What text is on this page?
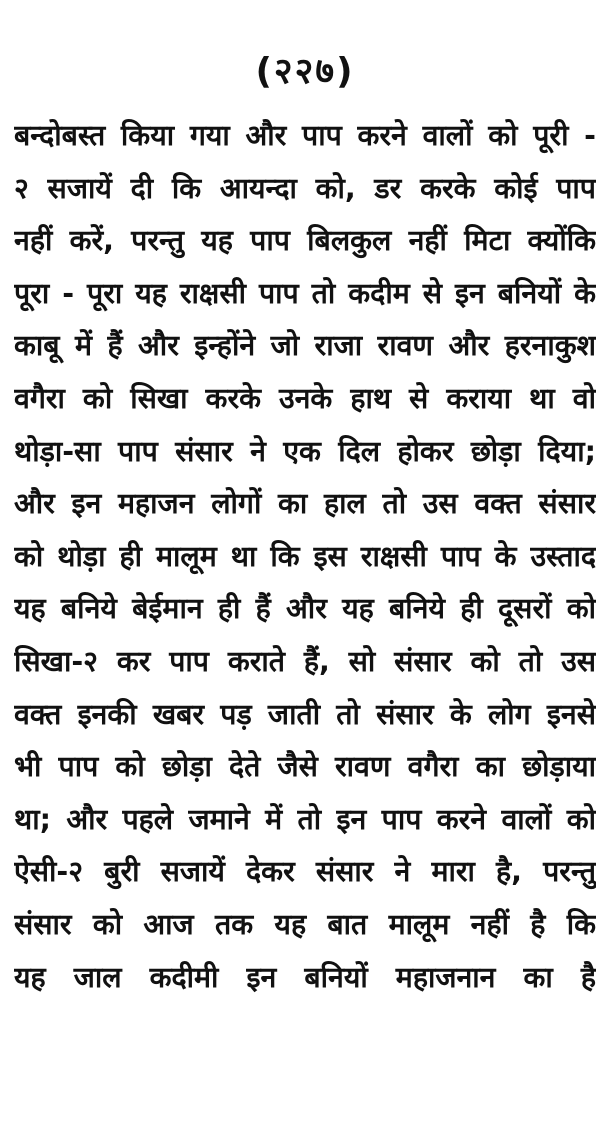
(२२७)
बन्दोबस्त किया गया और पाप करने वालों को पूरी -
२ सजायें दी कि आयन्दा को, डर करके कोई पाप
नहीं करें, परन्तु यह पाप बिलकुल नहीं मिटा क्योंकि
पूरा - पूरा यह राक्षसी पाप तो कदीम से इन बनियों के
काबू में हैं और इन्होंने जो राजा रावण और हरनाकुश
वगैरा को सिखा करके उनके हाथ से कराया था वो
थोड़ा-सा पाप संसार ने एक दिल होकर छोड़ा दिया;
और इन महाजन लोगों का हाल तो उस वक्त संसार
को थोड़ा ही मालूम था कि इस राक्षसी पाप के उस्ताद
यह बनिये बेईमान ही हैं और यह बनिये ही दूसरों को
सिखा-२ कर पाप कराते हैं, सो संसार को तो उस
वक्त इनकी खबर पड़ जाती तो संसार के लोग इनसे
भी पाप को छोड़ा देते जैसे रावण वगैरा का छोड़ाया
था; और पहले जमाने में तो इन पाप करने वालों को
ऐसी-२ बुरी सजायें देकर संसार ने मारा है, परन्तु
संसार को आज तक यह बात मालूम नहीं है कि
यह जाल कदीमी इन बनियों महाजनान का है
